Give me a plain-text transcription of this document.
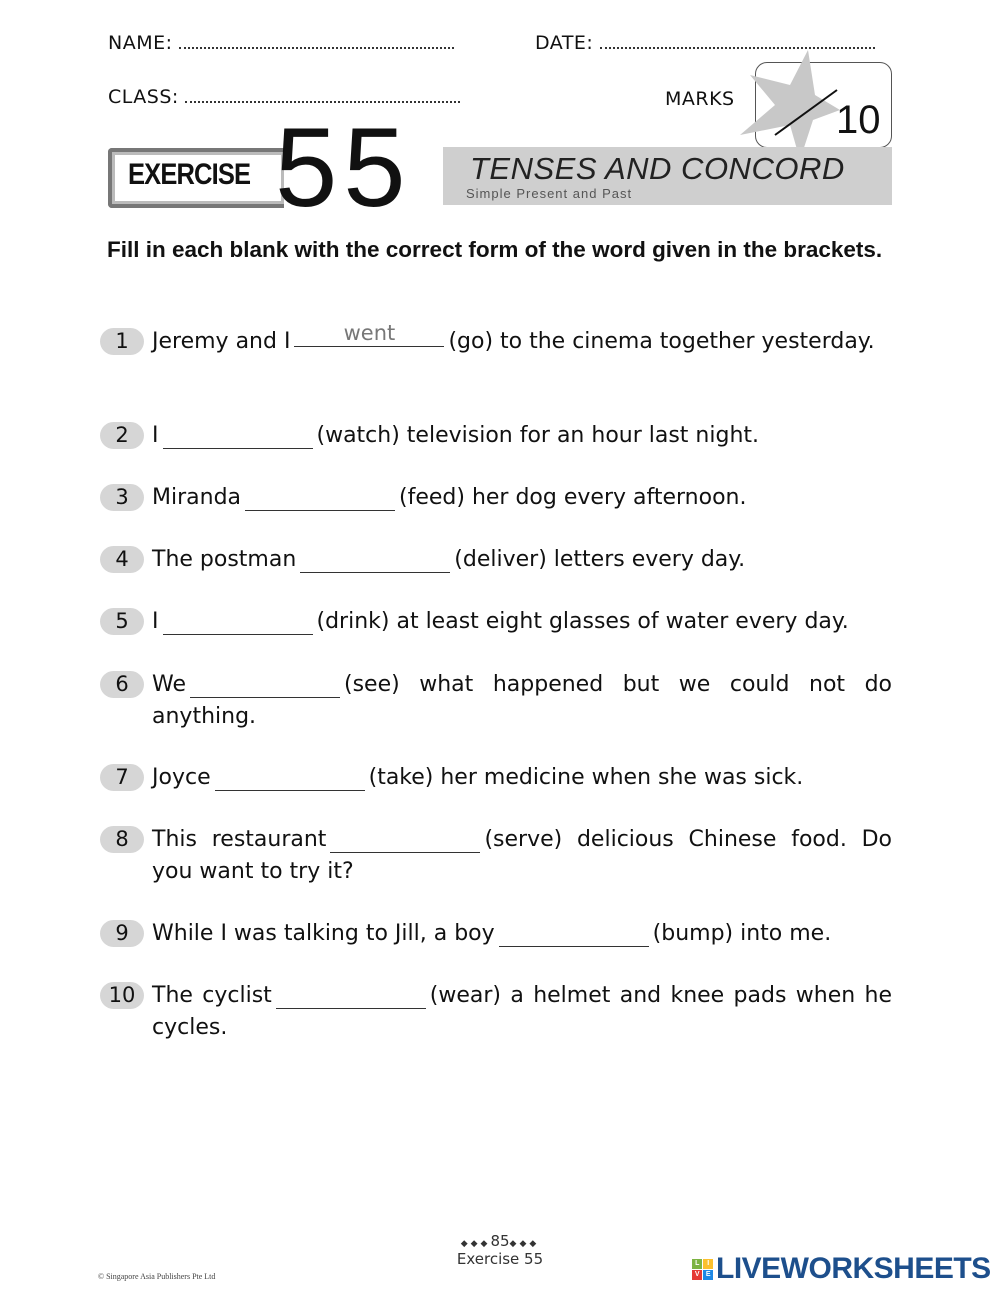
NAME:	DATE:
CLASS:	MARKS	10
EXERCISE 55 TENSES AND CONCORD
Simple Present and Past
Fill in each blank with the correct form of the word given in the brackets.
1	Jeremy and Iwent	(go) to the cinema together yesterday.
2	I	(watch) television for an hour last night.
3	Miranda	(feed) her dog every afternoon.
4	The postman	(deliver) letters every day.
5	I	(drink) at least eight glasses of water every day.
6	We	(see) what happened but we could not do anything.
7	Joyce	(take) her medicine when she was sick.
8	This restaurant	(serve) delicious Chinese food. Do you want to try it?
9	While I was talking to Jill, a boy	(bump) into me.
10 The cyclist	(wear) a helmet and knee pads when he cycles.
◆◆◆85◆◆◆
Exercise 55
© Singapore Asia Publishers Pte Ltd
L	I
V E LIVEWORKSHEETS
